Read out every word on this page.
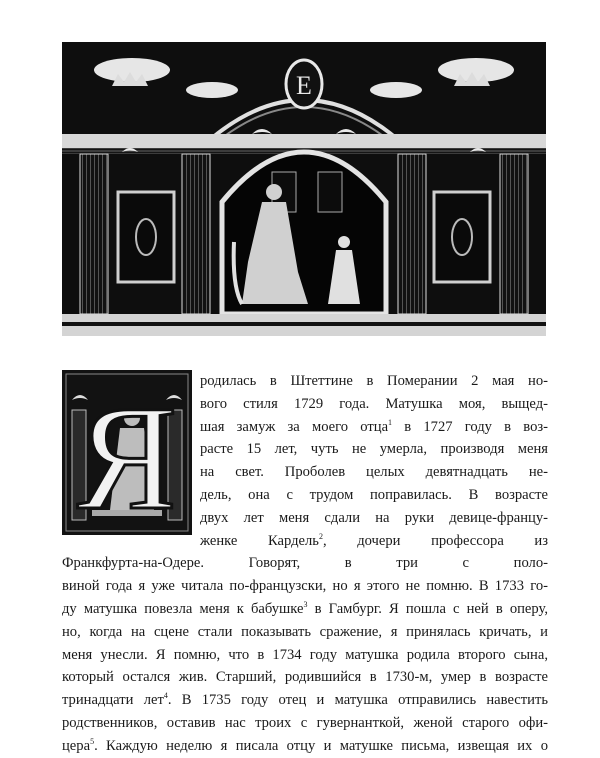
Е
Я	родилась в Штеттине в Померании 2 мая но-

вого стиля 1729 года. Матушка моя, выщед-

шая замуж за моего отца$^1$ в 1727 году в воз-

расте 15 лет, чуть не умерла, производя меня

на свет. Проболев целых девятнадцать не-

дель, она с трудом поправилась. В возрасте

двух лет меня сдали на руки девице-францу-

женке Кардель$^2$, дочери профессора из

Франкфурта-на-Одере. Говорят, в три с поло-

виной года я уже читала по-французски, но я этого не помню. В 1733 го-

ду матушка повезла меня к бабушке$^3$ в Гамбург. Я пошла с ней в оперу,

но, когда на сцене стали показывать сражение, я принялась кричать, и

меня унесли. Я помню, что в 1734 году матушка родила второго сына,

который остался жив. Старший, родившийся в 1730-м, умер в возрасте

тринадцати лет$^4$. В 1735 году отец и матушка отправились навестить

родственников, оставив нас троих с гувернанткой, женой старого офи-

цера$^5$. Каждую неделю я писала отцу и матушке письма, извещая их о
